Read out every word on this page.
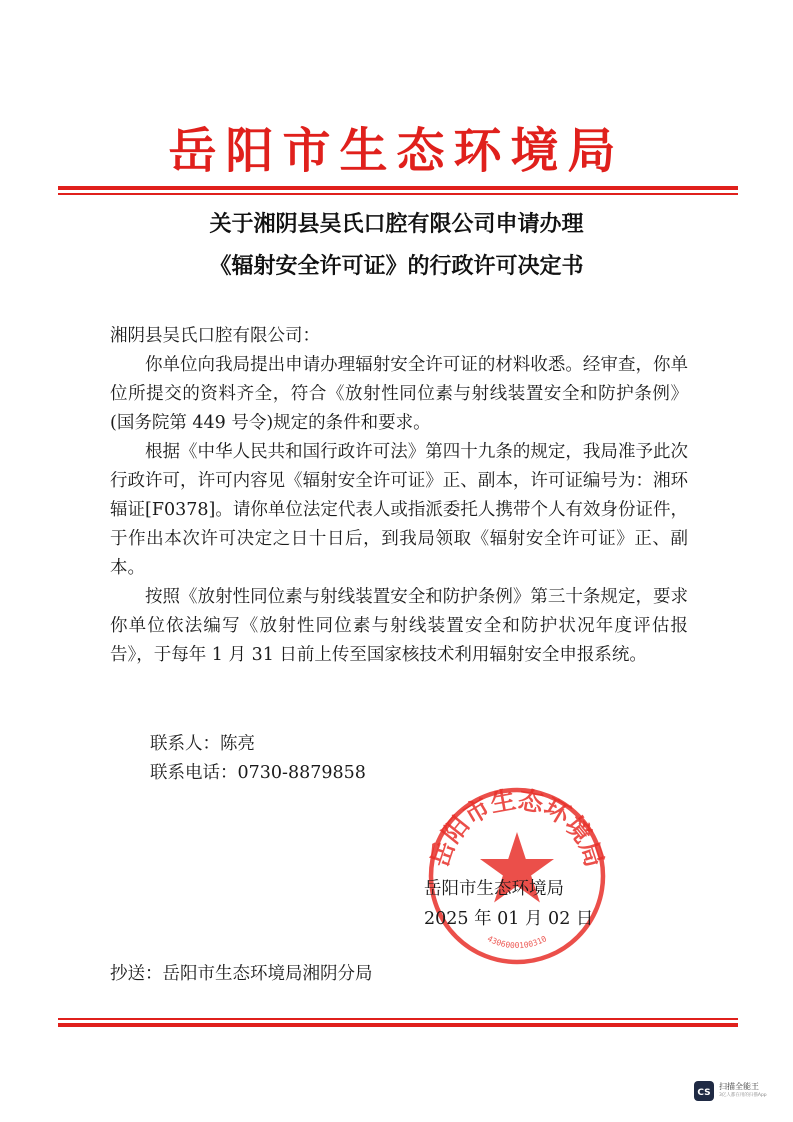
岳阳市生态环境局
关于湘阴县吴氏口腔有限公司申请办理
《辐射安全许可证》的行政许可决定书

湘阴县吴氏口腔有限公司：

你单位向我局提出申请办理辐射安全许可证的材料收悉。经审查，你单位所提交的资料齐全，符合《放射性同位素与射线装置安全和防护条例》(国务院第 449 号令)规定的条件和要求。

根据《中华人民共和国行政许可法》第四十九条的规定，我局准予此次行政许可，许可内容见《辐射安全许可证》正、副本，许可证编号为：湘环辐证[F0378]。请你单位法定代表人或指派委托人携带个人有效身份证件，于作出本次许可决定之日十日后，到我局领取《辐射安全许可证》正、副本。

按照《放射性同位素与射线装置安全和防护条例》第三十条规定，要求你单位依法编写《放射性同位素与射线装置安全和防护状况年度评估报告》，于每年 1 月 31 日前上传至国家核技术利用辐射安全申报系统。

联系人：陈亮
联系电话：0730-8879858
岳阳市生态环境局
4306000100310
岳阳市生态环境局
2025 年 01 月 02 日
抄送：岳阳市生态环境局湘阴分局
CS
扫描全能王
3亿人都在用的扫描App
